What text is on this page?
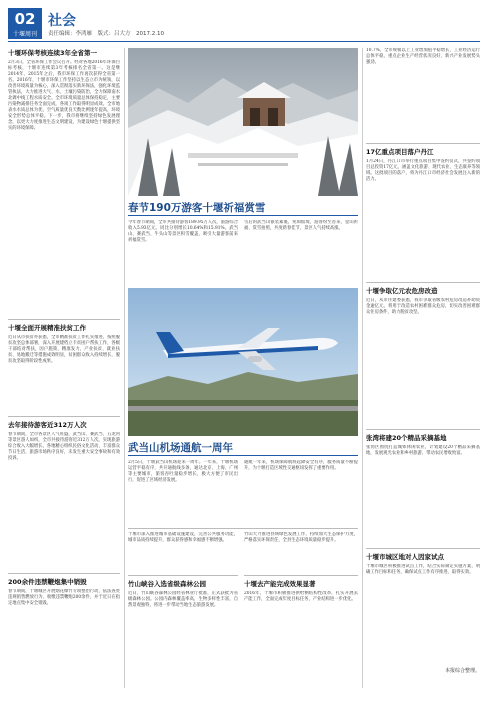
02
十堰周刊
社会
责任编辑：李鸿雁　版式：吕大方　2017.2.10
十堰环保考核连续3年全省第一
2月3日，全省环保工作会议召开。经对各地2016年环保目标考核，十堰市连续第3年考核排名全省第一。这是继2014年、2015年之后，我市环保工作再次获得全省第一名。2016年，十堰市环保工作坚持以生态立市为统领，以改善环境质量为核心，深入贯彻落实新环保法，强化环境监管执法，大力推进大气、水、土壤污染防治，全力保障南水北调中线工程水质安全。全市环境质量总体保持稳定，主要污染物减排任务全面完成，各项工作取得明显成效。全市地表水水质总体为优，空气质量优良天数比例逐年提高，环境安全形势总体平稳。下一步，我市将继续坚持绿色发展理念，以更大力度推进生态文明建设，为建设绿色十堰提供坚实的环境保障。
十堰全面开展精准扶贫工作
近日从市扶贫办获悉，全市精准扶贫工作扎实推进，按照脱贫攻坚总体部署，深入开展建档立卡贫困户帮扶工作，各级干部结对帮扶，因户施策、精准发力，产业扶贫、就业扶贫、易地搬迁等措施成效明显，贫困群众收入持续增长，脱贫攻坚取得阶段性成果。
去年接待游客近312万人次
春节期间，全市各景区人气旺盛，武当山、赛武当、五龙河等景区游人如织，全市共接待游客近312万人次，实现旅游综合收入大幅增长。各地精心组织民俗文化活动，丰富群众节日生活，旅游市场秩序良好，未发生重大安全事故和有效投诉。
200余件违禁鞭炮集中销毁
春节期间，十堰城区开展烟花爆竹专项整治行动，依法查处违规销售燃放行为，收缴违禁鞭炮200余件，并于近日在指定地点集中安全销毁。
春节190万游客十堰祈福赏雪
今年春节期间，全市共接待游客189.95万人次，旅游综合收入5.93亿元，同比分别增长10.64%和15.91%。武当山、赛武当、牛头山等景区积雪覆盖，吸引大量游客前来祈福赏雪。
雪后的武当山银装素裹，宛如仙境，游客纷至沓来，登山祈福、赏雪拍照，共度新春佳节，景区人气持续高涨。
武当山机场通航一周年
2月5日，十堰武当山机场迎来一周年。一年来，十堰机场运营平稳有序，共开通航线多条，通达北京、上海、广州等主要城市，旅客吞吐量稳步增长，极大方便了市民出行，促进了区域经济发展。
通航一年来，机场保障航班起降安全有序，服务质量不断提升，为十堰打造区域性交通枢纽发挥了重要作用。
十堰市深入推进城市基础设施建设，完善公共服务功能，城市品质持续提升，群众获得感和幸福感不断增强。
竹山峡谷入选省级森林公园
近日，竹山峡谷森林公园经省林业厅批准，正式获批为省级森林公园。公园内森林覆盖率高，生物多样性丰富，自然景观独特，将进一步带动当地生态旅游发展。
竹山大力推进县域绿色发展工作，持续加大生态保护力度，严格落实环保责任，全县生态环境质量稳步提升。
十堰去产能完成效果显著
2016年，十堰市积极推进供给侧结构性改革，扎实开展去产能工作，全面完成年度目标任务，产业结构进一步优化。
10.7%，全市规模以上工业增加值平稳增长，工业经济运行总体平稳，重点企业生产经营状况良好，新兴产业发展势头强劲。
17亿重点项目落户丹江
1月24日，丹江口市举行重点项目集中签约仪式，共签约项目总投资17亿元，涵盖文化旅游、现代农业、生态康养等领域。这批项目的落户，将为丹江口市经济社会发展注入新的活力。
十堰争取亿元农危房改造
近日，从市住建委获悉，我市争取省级农村危房改造补助资金逾亿元，将用于改造农村困难群众危房，切实改善困难群众住房条件，助力脱贫攻坚。
张湾将建20个精品采摘基地
张湾区围绕打造城郊休闲农业，计划建设20个精品采摘基地，发展观光农业和乡村旅游，带动农民增收致富。
十堰市城区地对人因家试点
十堰市城区积极推进试点工作，结合实际制定实施方案，明确工作目标和任务，确保试点工作有序推进、取得实效。
本报综合整理。
